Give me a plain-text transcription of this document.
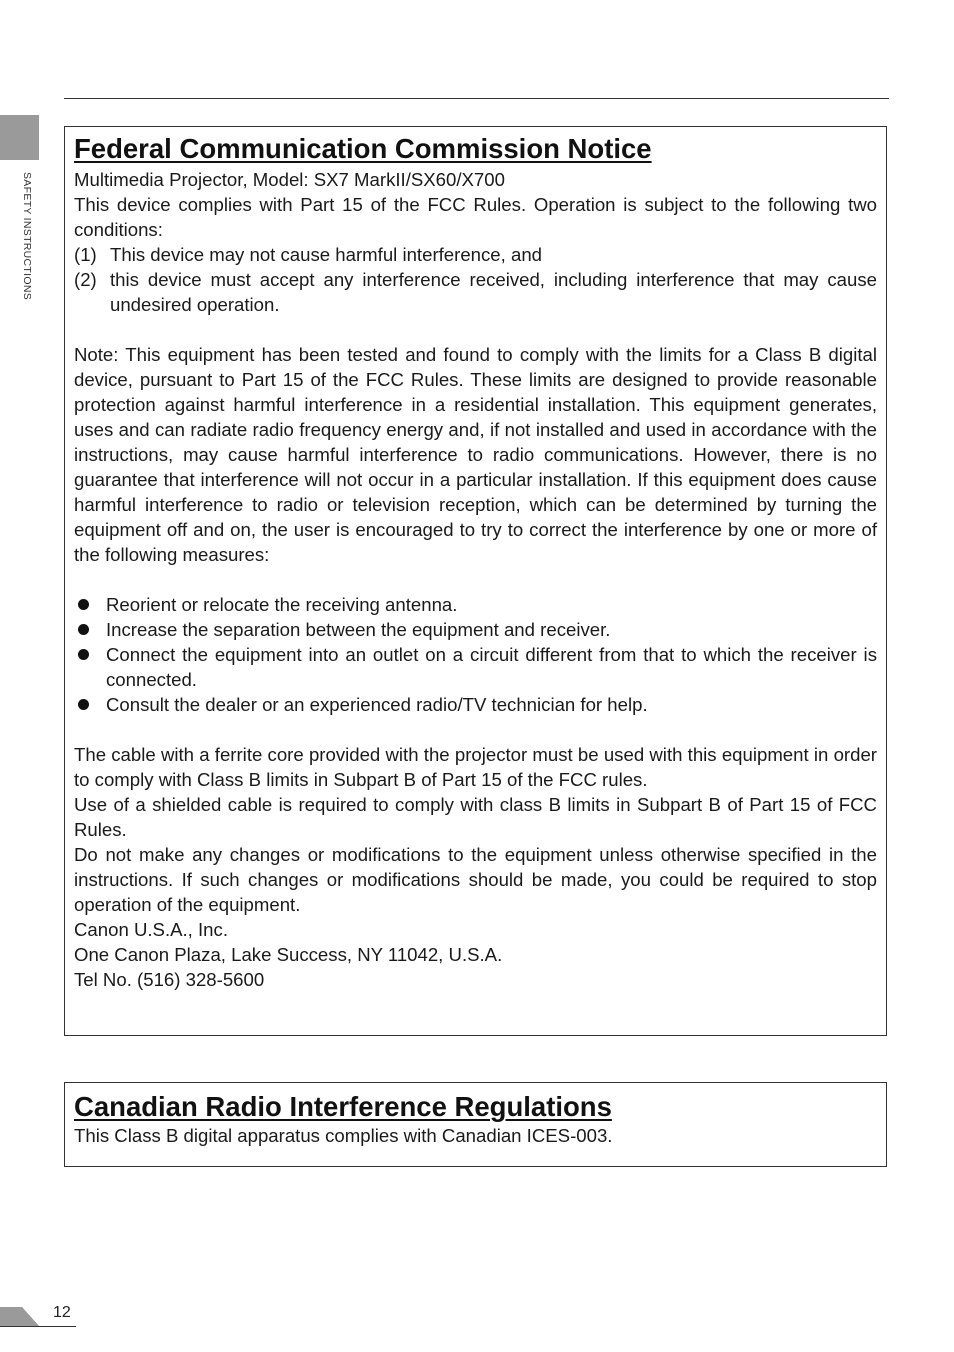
SAFETY INSTRUCTIONS
Federal Communication Commission Notice

Multimedia Projector, Model: SX7 MarkII/SX60/X700

This device complies with Part 15 of the FCC Rules. Operation is subject to the following two conditions:

(1) This device may not cause harmful interference, and
(2) this device must accept any interference received, including interference that may cause undesired operation.

Note: This equipment has been tested and found to comply with the limits for a Class B digital device, pursuant to Part 15 of the FCC Rules. These limits are designed to provide reasonable protection against harmful interference in a residential installation. This equipment generates, uses and can radiate radio frequency energy and, if not installed and used in accordance with the instructions, may cause harmful interference to radio communications. However, there is no guarantee that interference will not occur in a particular installation. If this equipment does cause harmful interference to radio or television reception, which can be determined by turning the equipment off and on, the user is encouraged to try to correct the interference by one or more of the following measures:

Reorient or relocate the receiving antenna.
Increase the separation between the equipment and receiver.
Connect the equipment into an outlet on a circuit different from that to which the receiver is connected.
Consult the dealer or an experienced radio/TV technician for help.

The cable with a ferrite core provided with the projector must be used with this equipment in order to comply with Class B limits in Subpart B of Part 15 of the FCC rules.

Use of a shielded cable is required to comply with class B limits in Subpart B of Part 15 of FCC Rules.

Do not make any changes or modifications to the equipment unless otherwise specified in the instructions. If such changes or modifications should be made, you could be required to stop operation of the equipment.

Canon U.S.A., Inc.

One Canon Plaza, Lake Success, NY 11042, U.S.A.

Tel No. (516) 328-5600

Canadian Radio Interference Regulations

This Class B digital apparatus complies with Canadian ICES-003.

12
